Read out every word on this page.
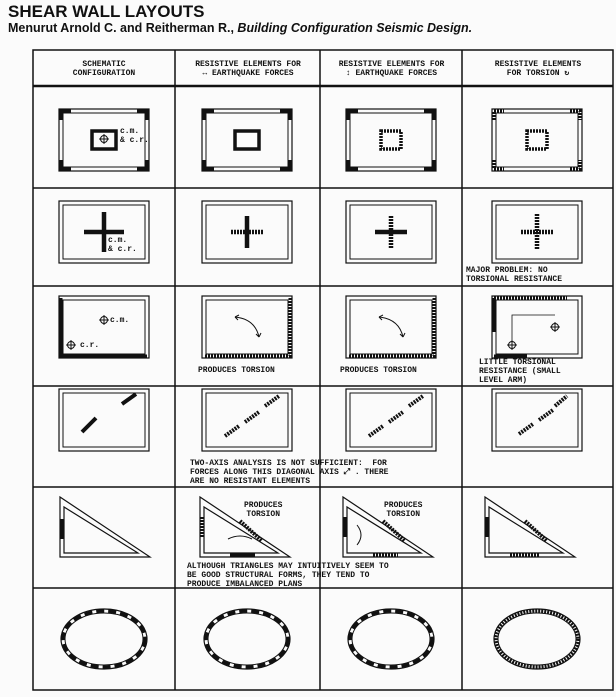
SHEAR WALL LAYOUTS
Menurut Arnold C. and Reitherman R., Building Configuration Seismic Design.
SCHEMATIC
CONFIGURATION
RESISTIVE ELEMENTS FOR
↔ EARTHQUAKE FORCES
RESISTIVE ELEMENTS FOR
↕ EARTHQUAKE FORCES
RESISTIVE ELEMENTS
FOR TORSION ↻
c.m.
& c.r.
c.m.
& c.r.
c.m.
c.r.
MAJOR PROBLEM: NO
TORSIONAL RESISTANCE
PRODUCES TORSION	PRODUCES TORSION
LITTLE TORSIONAL
RESISTANCE (SMALL
LEVEL ARM)
TWO-AXIS ANALYSIS IS NOT SUFFICIENT:  FOR
FORCES ALONG THIS DIAGONAL AXIS ⤢ . THERE
ARE NO RESISTANT ELEMENTS
PRODUCES
TORSION
PRODUCES
TORSION
ALTHOUGH TRIANGLES MAY INTUITIVELY SEEM TO
BE GOOD STRUCTURAL FORMS, THEY TEND TO
PRODUCE IMBALANCED PLANS
